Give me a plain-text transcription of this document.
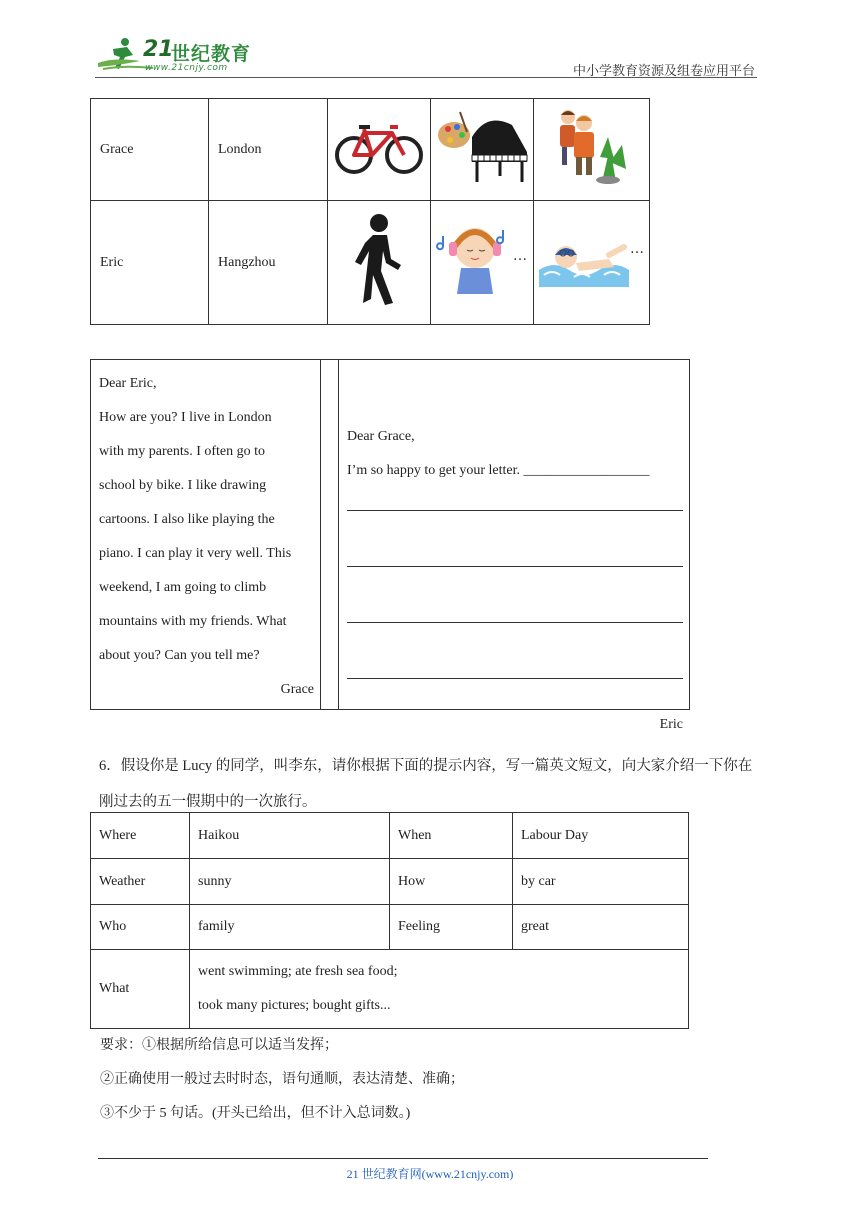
21
世纪教育
www.21cnjy.com	中小学教育资源及组卷应用平台
Grace	London			
Eric	Hangzhou		…	…
Dear Eric,
How are you? I live in London
with my parents. I often go to
school by bike. I like drawing
cartoons. I also like playing the
piano. I can play it very well. This
weekend, I am going to climb
mountains with my friends. What
about you? Can you tell me?
Grace
Dear Grace,
I’m so happy to get your letter. __________________
Eric
6．假设你是 Lucy 的同学，叫李东，请你根据下面的提示内容，写一篇英文短文，向大家介绍一下你在刚过去的五一假期中的一次旅行。
Where	Haikou	When	Labour Day
Weather	sunny	How	by car
Who	family	Feeling	great
What	went swimming; ate fresh sea food;
took many pictures; bought gifts...		
要求：①根据所给信息可以适当发挥；
②正确使用一般过去时时态，语句通顺，表达清楚、准确；
③不少于 5 句话。(开头已给出，但不计入总词数。)
21 世纪教育网(www.21cnjy.com)
